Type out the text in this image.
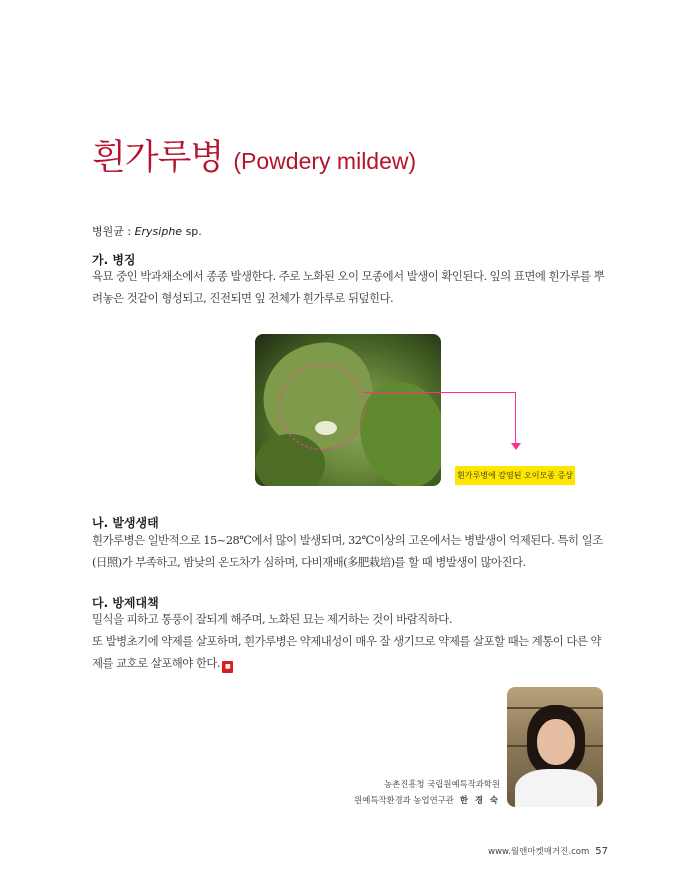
흰가루병 (Powdery mildew)
병원균 : Erysiphe sp.
가. 병징
육묘 중인 박과채소에서 종종 발생한다. 주로 노화된 오이 모종에서 발생이 확인된다. 잎의 표면에 흰가루를 뿌려놓은 것같이 형성되고, 진전되면 잎 전체가 흰가루로 뒤덮힌다.
흰가루병에 감염된 오이모종 증상
나. 발생생태
흰가루병은 일반적으로 15~28℃에서 많이 발생되며, 32℃이상의 고온에서는 병발생이 억제된다. 특히 일조(日照)가 부족하고, 밤낮의 온도차가 심하며, 다비재배(多肥栽培)를 할 때 병발생이 많아진다.
다. 방제대책
밀식을 피하고 통풍이 잘되게 해주며, 노화된 묘는 제거하는 것이 바람직하다.
또 발병초기에 약제를 살포하며, 흰가루병은 약제내성이 매우 잘 생기므로 약제를 살포할 때는 계통이 다른 약제를 교호로 살포해야 한다. ■
농촌진흥청 국립원예특작과학원
원예특작환경과 농업연구관 한 경 숙
www.월앤마켓매거진.com 57
